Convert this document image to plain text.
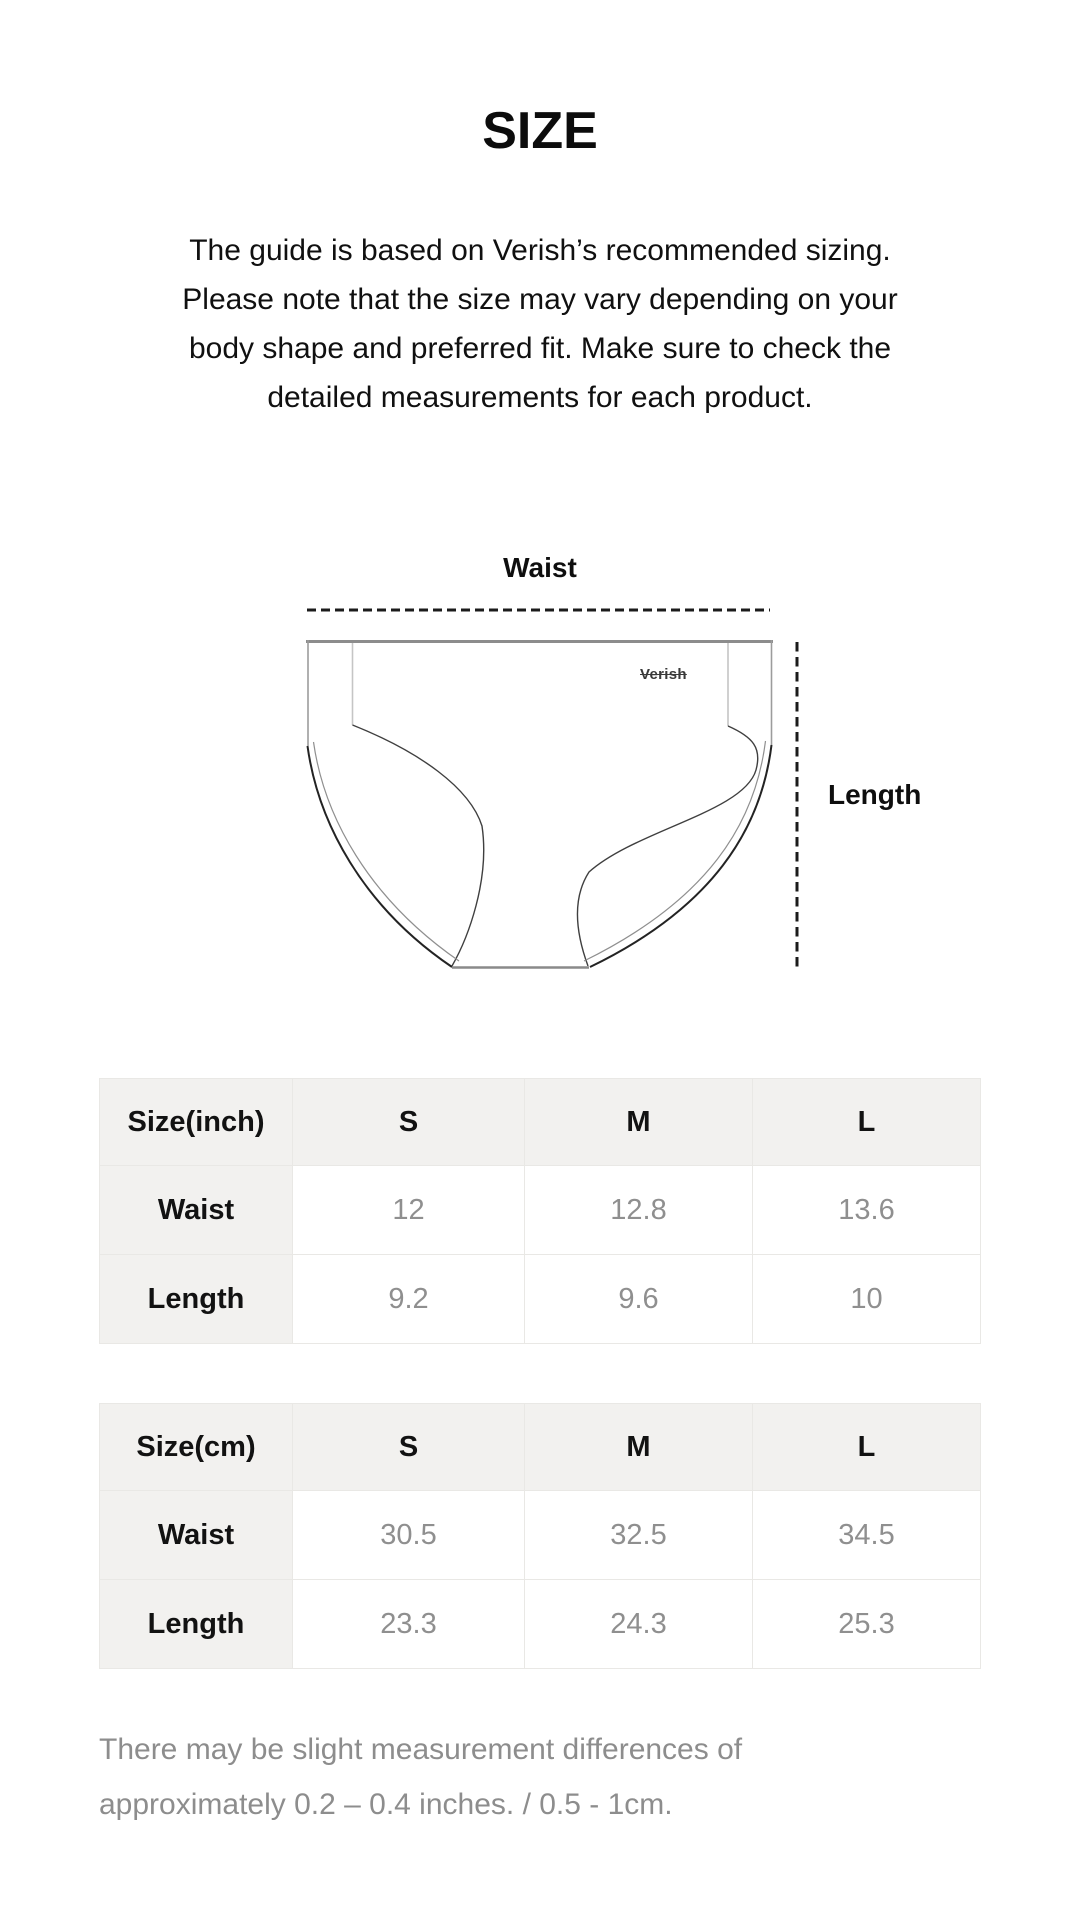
SIZE
The guide is based on Verish’s recommended sizing.
Please note that the size may vary depending on your
body shape and preferred fit. Make sure to check the
detailed measurements for each product.
Waist
Verish
Length
Size(inch)	S	M	L
Waist	12	12.8	13.6
Length	9.2	9.6	10
Size(cm)	S	M	L
Waist	30.5	32.5	34.5
Length	23.3	24.3	25.3
There may be slight measurement differences of
approximately 0.2 – 0.4 inches. / 0.5 - 1cm.
